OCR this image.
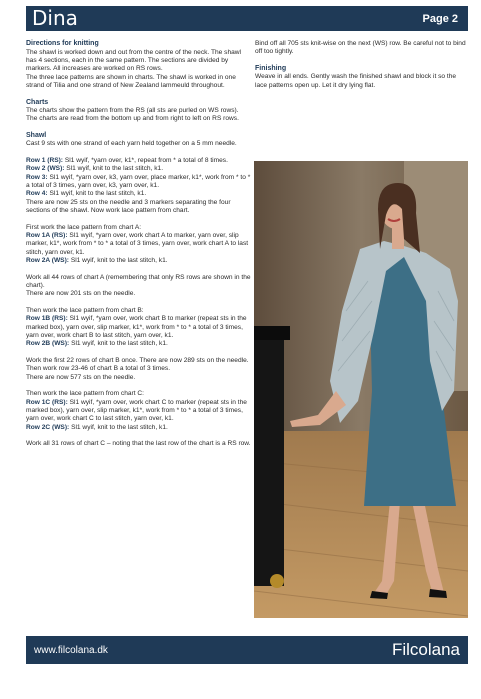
Dina	Page 2
Directions for knitting
The shawl is worked down and out from the centre of the neck. The shawl has 4 sections, each in the same pattern. The sections are divided by markers. All increases are worked on RS rows.
The three lace patterns are shown in charts. The shawl is worked in one strand of Tilia and one strand of New Zealand lammeuld throughout.
Charts
The charts show the pattern from the RS (all sts are purled on WS rows). The charts are read from the bottom up and from right to left on RS rows.
Shawl
Cast 9 sts with one strand of each yarn held together on a 5 mm needle.
Row 1 (RS): Sl1 wyif, *yarn over, k1*, repeat from * a total of 8 times.
Row 2 (WS): Sl1 wyif, knit to the last stitch, k1.
Row 3: Sl1 wyif, *yarn over, k3, yarn over, place marker, k1*, work from * to * a total of 3 times, yarn over, k3, yarn over, k1.
Row 4: Sl1 wyif, knit to the last stitch, k1.
There are now 25 sts on the needle and 3 markers separating the four sections of the shawl. Now work lace pattern from chart.
First work the lace pattern from chart A:
Row 1A (RS): Sl1 wyif, *yarn over, work chart A to marker, yarn over, slip marker, k1*, work from * to * a total of 3 times, yarn over, work chart A to last stitch, yarn over, k1.
Row 2A (WS): Sl1 wyif, knit to the last stitch, k1.
Work all 44 rows of chart A (remembering that only RS rows are shown in the chart).
There are now 201 sts on the needle.
Then work the lace pattern from chart B:
Row 1B (RS): Sl1 wyif, *yarn over, work chart B to marker (repeat sts in the marked box), yarn over, slip marker, k1*, work from * to * a total of 3 times, yarn over, work chart B to last stitch, yarn over, k1.
Row 2B (WS): Sl1 wyif, knit to the last stitch, k1.
Work the first 22 rows of chart B once. There are now 289 sts on the needle.
Then work row 23-46 of chart B a total of 3 times.
There are now 577 sts on the needle.
Then work the lace pattern from chart C:
Row 1C (RS): Sl1 wyif, *yarn over, work chart C to marker (repeat sts in the marked box), yarn over, slip marker, k1*, work from * to * a total of 3 times, yarn over, work chart C to last stitch, yarn over, k1.
Row 2C (WS): Sl1 wyif, knit to the last stitch, k1.
Work all 31 rows of chart C – noting that the last row of the chart is a RS row.
Bind off all 705 sts knit-wise on the next (WS) row. Be careful not to bind off too tightly.
Finishing
Weave in all ends. Gently wash the finished shawl and block it so the lace patterns open up. Let it dry lying flat.
www.filcolana.dk	Filcolana
